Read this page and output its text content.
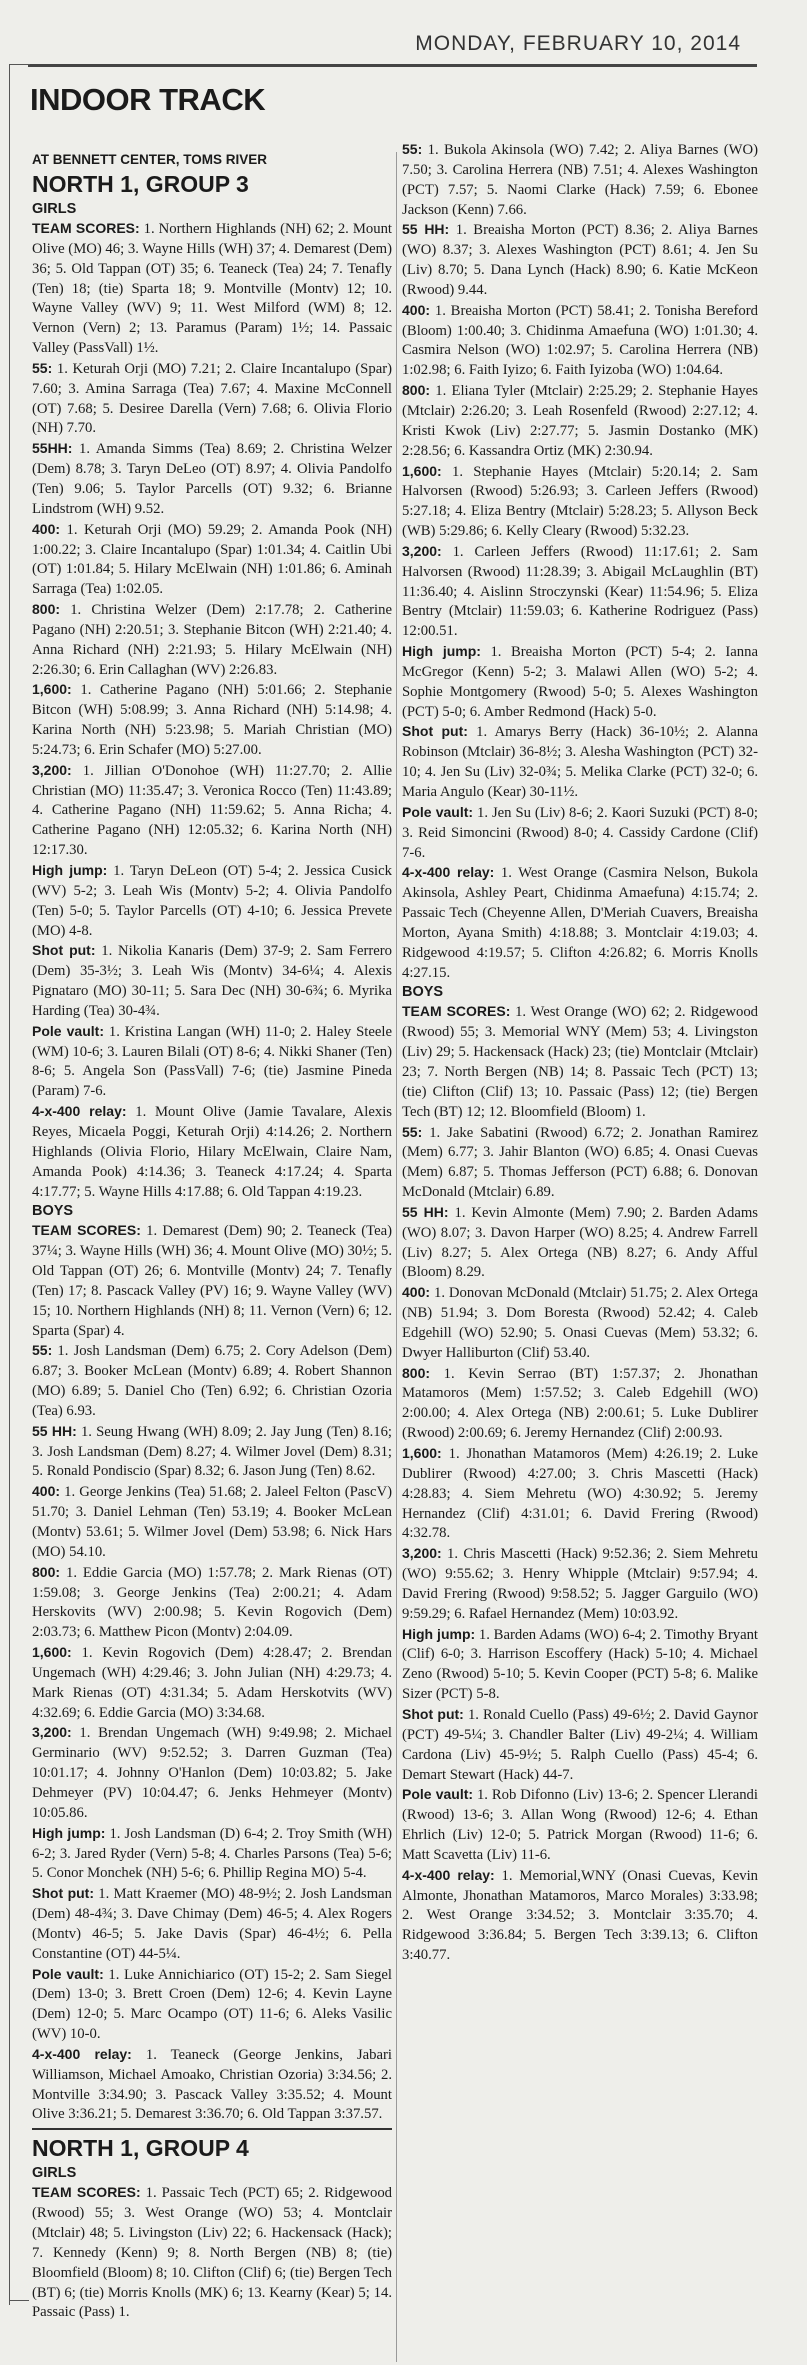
MONDAY, FEBRUARY 10, 2014
INDOOR TRACK

AT BENNETT CENTER, TOMS RIVER

NORTH 1, GROUP 3
GIRLS

TEAM SCORES: 1. Northern Highlands (NH) 62; 2. Mount Olive (MO) 46; 3. Wayne Hills (WH) 37; 4. Demarest (Dem) 36; 5. Old Tappan (OT) 35; 6. Teaneck (Tea) 24; 7. Tenafly (Ten) 18; (tie) Sparta 18; 9. Montville (Montv) 12; 10. Wayne Valley (WV) 9; 11. West Milford (WM) 8; 12. Vernon (Vern) 2; 13. Paramus (Param) 1½; 14. Passaic Valley (PassVall) 1½.

55: 1. Keturah Orji (MO) 7.21; 2. Claire Incantalupo (Spar) 7.60; 3. Amina Sarraga (Tea) 7.67; 4. Maxine McConnell (OT) 7.68; 5. Desiree Darella (Vern) 7.68; 6. Olivia Florio (NH) 7.70.

55HH: 1. Amanda Simms (Tea) 8.69; 2. Christina Welzer (Dem) 8.78; 3. Taryn DeLeo (OT) 8.97; 4. Olivia Pandolfo (Ten) 9.06; 5. Taylor Parcells (OT) 9.32; 6. Brianne Lindstrom (WH) 9.52.

400: 1. Keturah Orji (MO) 59.29; 2. Amanda Pook (NH) 1:00.22; 3. Claire Incantalupo (Spar) 1:01.34; 4. Caitlin Ubi (OT) 1:01.84; 5. Hilary McElwain (NH) 1:01.86; 6. Aminah Sarraga (Tea) 1:02.05.

800: 1. Christina Welzer (Dem) 2:17.78; 2. Catherine Pagano (NH) 2:20.51; 3. Stephanie Bitcon (WH) 2:21.40; 4. Anna Richard (NH) 2:21.93; 5. Hilary McElwain (NH) 2:26.30; 6. Erin Callaghan (WV) 2:26.83.

1,600: 1. Catherine Pagano (NH) 5:01.66; 2. Stephanie Bitcon (WH) 5:08.99; 3. Anna Richard (NH) 5:14.98; 4. Karina North (NH) 5:23.98; 5. Mariah Christian (MO) 5:24.73; 6. Erin Schafer (MO) 5:27.00.

3,200: 1. Jillian O'Donohoe (WH) 11:27.70; 2. Allie Christian (MO) 11:35.47; 3. Veronica Rocco (Ten) 11:43.89; 4. Catherine Pagano (NH) 11:59.62; 5. Anna Richa; 4. Catherine Pagano (NH) 12:05.32; 6. Karina North (NH) 12:17.30.

High jump: 1. Taryn DeLeon (OT) 5-4; 2. Jessica Cusick (WV) 5-2; 3. Leah Wis (Montv) 5-2; 4. Olivia Pandolfo (Ten) 5-0; 5. Taylor Parcells (OT) 4-10; 6. Jessica Prevete (MO) 4-8.

Shot put: 1. Nikolia Kanaris (Dem) 37-9; 2. Sam Ferrero (Dem) 35-3½; 3. Leah Wis (Montv) 34-6¼; 4. Alexis Pignataro (MO) 30-11; 5. Sara Dec (NH) 30-6¾; 6. Myrika Harding (Tea) 30-4¾.

Pole vault: 1. Kristina Langan (WH) 11-0; 2. Haley Steele (WM) 10-6; 3. Lauren Bilali (OT) 8-6; 4. Nikki Shaner (Ten) 8-6; 5. Angela Son (PassVall) 7-6; (tie) Jasmine Pineda (Param) 7-6.

4-x-400 relay: 1. Mount Olive (Jamie Tavalare, Alexis Reyes, Micaela Poggi, Keturah Orji) 4:14.26; 2. Northern Highlands (Olivia Florio, Hilary McElwain, Claire Nam, Amanda Pook) 4:14.36; 3. Teaneck 4:17.24; 4. Sparta 4:17.77; 5. Wayne Hills 4:17.88; 6. Old Tappan 4:19.23.

BOYS

TEAM SCORES: 1. Demarest (Dem) 90; 2. Teaneck (Tea) 37¼; 3. Wayne Hills (WH) 36; 4. Mount Olive (MO) 30½; 5. Old Tappan (OT) 26; 6. Montville (Montv) 24; 7. Tenafly (Ten) 17; 8. Pascack Valley (PV) 16; 9. Wayne Valley (WV) 15; 10. Northern Highlands (NH) 8; 11. Vernon (Vern) 6; 12. Sparta (Spar) 4.

55: 1. Josh Landsman (Dem) 6.75; 2. Cory Adelson (Dem) 6.87; 3. Booker McLean (Montv) 6.89; 4. Robert Shannon (MO) 6.89; 5. Daniel Cho (Ten) 6.92; 6. Christian Ozoria (Tea) 6.93.

55 HH: 1. Seung Hwang (WH) 8.09; 2. Jay Jung (Ten) 8.16; 3. Josh Landsman (Dem) 8.27; 4. Wilmer Jovel (Dem) 8.31; 5. Ronald Pondiscio (Spar) 8.32; 6. Jason Jung (Ten) 8.62.

400: 1. George Jenkins (Tea) 51.68; 2. Jaleel Felton (PascV) 51.70; 3. Daniel Lehman (Ten) 53.19; 4. Booker McLean (Montv) 53.61; 5. Wilmer Jovel (Dem) 53.98; 6. Nick Hars (MO) 54.10.

800: 1. Eddie Garcia (MO) 1:57.78; 2. Mark Rienas (OT) 1:59.08; 3. George Jenkins (Tea) 2:00.21; 4. Adam Herskovits (WV) 2:00.98; 5. Kevin Rogovich (Dem) 2:03.73; 6. Matthew Picon (Montv) 2:04.09.

1,600: 1. Kevin Rogovich (Dem) 4:28.47; 2. Brendan Ungemach (WH) 4:29.46; 3. John Julian (NH) 4:29.73; 4. Mark Rienas (OT) 4:31.34; 5. Adam Herskotvits (WV) 4:32.69; 6. Eddie Garcia (MO) 3:34.68.

3,200: 1. Brendan Ungemach (WH) 9:49.98; 2. Michael Germinario (WV) 9:52.52; 3. Darren Guzman (Tea) 10:01.17; 4. Johnny O'Hanlon (Dem) 10:03.82; 5. Jake Dehmeyer (PV) 10:04.47; 6. Jenks Hehmeyer (Montv) 10:05.86.

High jump: 1. Josh Landsman (D) 6-4; 2. Troy Smith (WH) 6-2; 3. Jared Ryder (Vern) 5-8; 4. Charles Parsons (Tea) 5-6; 5. Conor Monchek (NH) 5-6; 6. Phillip Regina MO) 5-4.

Shot put: 1. Matt Kraemer (MO) 48-9½; 2. Josh Landsman (Dem) 48-4¾; 3. Dave Chimay (Dem) 46-5; 4. Alex Rogers (Montv) 46-5; 5. Jake Davis (Spar) 46-4½; 6. Pella Constantine (OT) 44-5¼.

Pole vault: 1. Luke Annichiarico (OT) 15-2; 2. Sam Siegel (Dem) 13-0; 3. Brett Croen (Dem) 12-6; 4. Kevin Layne (Dem) 12-0; 5. Marc Ocampo (OT) 11-6; 6. Aleks Vasilic (WV) 10-0.

4-x-400 relay: 1. Teaneck (George Jenkins, Jabari Williamson, Michael Amoako, Christian Ozoria) 3:34.56; 2. Montville 3:34.90; 3. Pascack Valley 3:35.52; 4. Mount Olive 3:36.21; 5. Demarest 3:36.70; 6. Old Tappan 3:37.57.

NORTH 1, GROUP 4
GIRLS

TEAM SCORES: 1. Passaic Tech (PCT) 65; 2. Ridgewood (Rwood) 55; 3. West Orange (WO) 53; 4. Montclair (Mtclair) 48; 5. Livingston (Liv) 22; 6. Hackensack (Hack); 7. Kennedy (Kenn) 9; 8. North Bergen (NB) 8; (tie) Bloomfield (Bloom) 8; 10. Clifton (Clif) 6; (tie) Bergen Tech (BT) 6; (tie) Morris Knolls (MK) 6; 13. Kearny (Kear) 5; 14. Passaic (Pass) 1.

55: 1. Bukola Akinsola (WO) 7.42; 2. Aliya Barnes (WO) 7.50; 3. Carolina Herrera (NB) 7.51; 4. Alexes Washington (PCT) 7.57; 5. Naomi Clarke (Hack) 7.59; 6. Ebonee Jackson (Kenn) 7.66.

55 HH: 1. Breaisha Morton (PCT) 8.36; 2. Aliya Barnes (WO) 8.37; 3. Alexes Washington (PCT) 8.61; 4. Jen Su (Liv) 8.70; 5. Dana Lynch (Hack) 8.90; 6. Katie McKeon (Rwood) 9.44.

400: 1. Breaisha Morton (PCT) 58.41; 2. Tonisha Bereford (Bloom) 1:00.40; 3. Chidinma Amaefuna (WO) 1:01.30; 4. Casmira Nelson (WO) 1:02.97; 5. Carolina Herrera (NB) 1:02.98; 6. Faith Iyizo; 6. Faith Iyizoba (WO) 1:04.64.

800: 1. Eliana Tyler (Mtclair) 2:25.29; 2. Stephanie Hayes (Mtclair) 2:26.20; 3. Leah Rosenfeld (Rwood) 2:27.12; 4. Kristi Kwok (Liv) 2:27.77; 5. Jasmin Dostanko (MK) 2:28.56; 6. Kassandra Ortiz (MK) 2:30.94.

1,600: 1. Stephanie Hayes (Mtclair) 5:20.14; 2. Sam Halvorsen (Rwood) 5:26.93; 3. Carleen Jeffers (Rwood) 5:27.18; 4. Eliza Bentry (Mtclair) 5:28.23; 5. Allyson Beck (WB) 5:29.86; 6. Kelly Cleary (Rwood) 5:32.23.

3,200: 1. Carleen Jeffers (Rwood) 11:17.61; 2. Sam Halvorsen (Rwood) 11:28.39; 3. Abigail McLaughlin (BT) 11:36.40; 4. Aislinn Stroczynski (Kear) 11:54.96; 5. Eliza Bentry (Mtclair) 11:59.03; 6. Katherine Rodriguez (Pass) 12:00.51.

High jump: 1. Breaisha Morton (PCT) 5-4; 2. Ianna McGregor (Kenn) 5-2; 3. Malawi Allen (WO) 5-2; 4. Sophie Montgomery (Rwood) 5-0; 5. Alexes Washington (PCT) 5-0; 6. Amber Redmond (Hack) 5-0.

Shot put: 1. Amarys Berry (Hack) 36-10½; 2. Alanna Robinson (Mtclair) 36-8½; 3. Alesha Washington (PCT) 32-10; 4. Jen Su (Liv) 32-0¾; 5. Melika Clarke (PCT) 32-0; 6. Maria Angulo (Kear) 30-11½.

Pole vault: 1. Jen Su (Liv) 8-6; 2. Kaori Suzuki (PCT) 8-0; 3. Reid Simoncini (Rwood) 8-0; 4. Cassidy Cardone (Clif) 7-6.

4-x-400 relay: 1. West Orange (Casmira Nelson, Bukola Akinsola, Ashley Peart, Chidinma Amaefuna) 4:15.74; 2. Passaic Tech (Cheyenne Allen, D'Meriah Cuavers, Breaisha Morton, Ayana Smith) 4:18.88; 3. Montclair 4:19.03; 4. Ridgewood 4:19.57; 5. Clifton 4:26.82; 6. Morris Knolls 4:27.15.

BOYS

TEAM SCORES: 1. West Orange (WO) 62; 2. Ridgewood (Rwood) 55; 3. Memorial WNY (Mem) 53; 4. Livingston (Liv) 29; 5. Hackensack (Hack) 23; (tie) Montclair (Mtclair) 23; 7. North Bergen (NB) 14; 8. Passaic Tech (PCT) 13; (tie) Clifton (Clif) 13; 10. Passaic (Pass) 12; (tie) Bergen Tech (BT) 12; 12. Bloomfield (Bloom) 1.

55: 1. Jake Sabatini (Rwood) 6.72; 2. Jonathan Ramirez (Mem) 6.77; 3. Jahir Blanton (WO) 6.85; 4. Onasi Cuevas (Mem) 6.87; 5. Thomas Jefferson (PCT) 6.88; 6. Donovan McDonald (Mtclair) 6.89.

55 HH: 1. Kevin Almonte (Mem) 7.90; 2. Barden Adams (WO) 8.07; 3. Davon Harper (WO) 8.25; 4. Andrew Farrell (Liv) 8.27; 5. Alex Ortega (NB) 8.27; 6. Andy Afful (Bloom) 8.29.

400: 1. Donovan McDonald (Mtclair) 51.75; 2. Alex Ortega (NB) 51.94; 3. Dom Boresta (Rwood) 52.42; 4. Caleb Edgehill (WO) 52.90; 5. Onasi Cuevas (Mem) 53.32; 6. Dwyer Halliburton (Clif) 53.40.

800: 1. Kevin Serrao (BT) 1:57.37; 2. Jhonathan Matamoros (Mem) 1:57.52; 3. Caleb Edgehill (WO) 2:00.00; 4. Alex Ortega (NB) 2:00.61; 5. Luke Dublirer (Rwood) 2:00.69; 6. Jeremy Hernandez (Clif) 2:00.93.

1,600: 1. Jhonathan Matamoros (Mem) 4:26.19; 2. Luke Dublirer (Rwood) 4:27.00; 3. Chris Mascetti (Hack) 4:28.83; 4. Siem Mehretu (WO) 4:30.92; 5. Jeremy Hernandez (Clif) 4:31.01; 6. David Frering (Rwood) 4:32.78.

3,200: 1. Chris Mascetti (Hack) 9:52.36; 2. Siem Mehretu (WO) 9:55.62; 3. Henry Whipple (Mtclair) 9:57.94; 4. David Frering (Rwood) 9:58.52; 5. Jagger Garguilo (WO) 9:59.29; 6. Rafael Hernandez (Mem) 10:03.92.

High jump: 1. Barden Adams (WO) 6-4; 2. Timothy Bryant (Clif) 6-0; 3. Harrison Escoffery (Hack) 5-10; 4. Michael Zeno (Rwood) 5-10; 5. Kevin Cooper (PCT) 5-8; 6. Malike Sizer (PCT) 5-8.

Shot put: 1. Ronald Cuello (Pass) 49-6½; 2. David Gaynor (PCT) 49-5¼; 3. Chandler Balter (Liv) 49-2¼; 4. William Cardona (Liv) 45-9½; 5. Ralph Cuello (Pass) 45-4; 6. Demart Stewart (Hack) 44-7.

Pole vault: 1. Rob Difonno (Liv) 13-6; 2. Spencer Llerandi (Rwood) 13-6; 3. Allan Wong (Rwood) 12-6; 4. Ethan Ehrlich (Liv) 12-0; 5. Patrick Morgan (Rwood) 11-6; 6. Matt Scavetta (Liv) 11-6.

4-x-400 relay: 1. Memorial,WNY (Onasi Cuevas, Kevin Almonte, Jhonathan Matamoros, Marco Morales) 3:33.98; 2. West Orange 3:34.52; 3. Montclair 3:35.70; 4. Ridgewood 3:36.84; 5. Bergen Tech 3:39.13; 6. Clifton 3:40.77.
